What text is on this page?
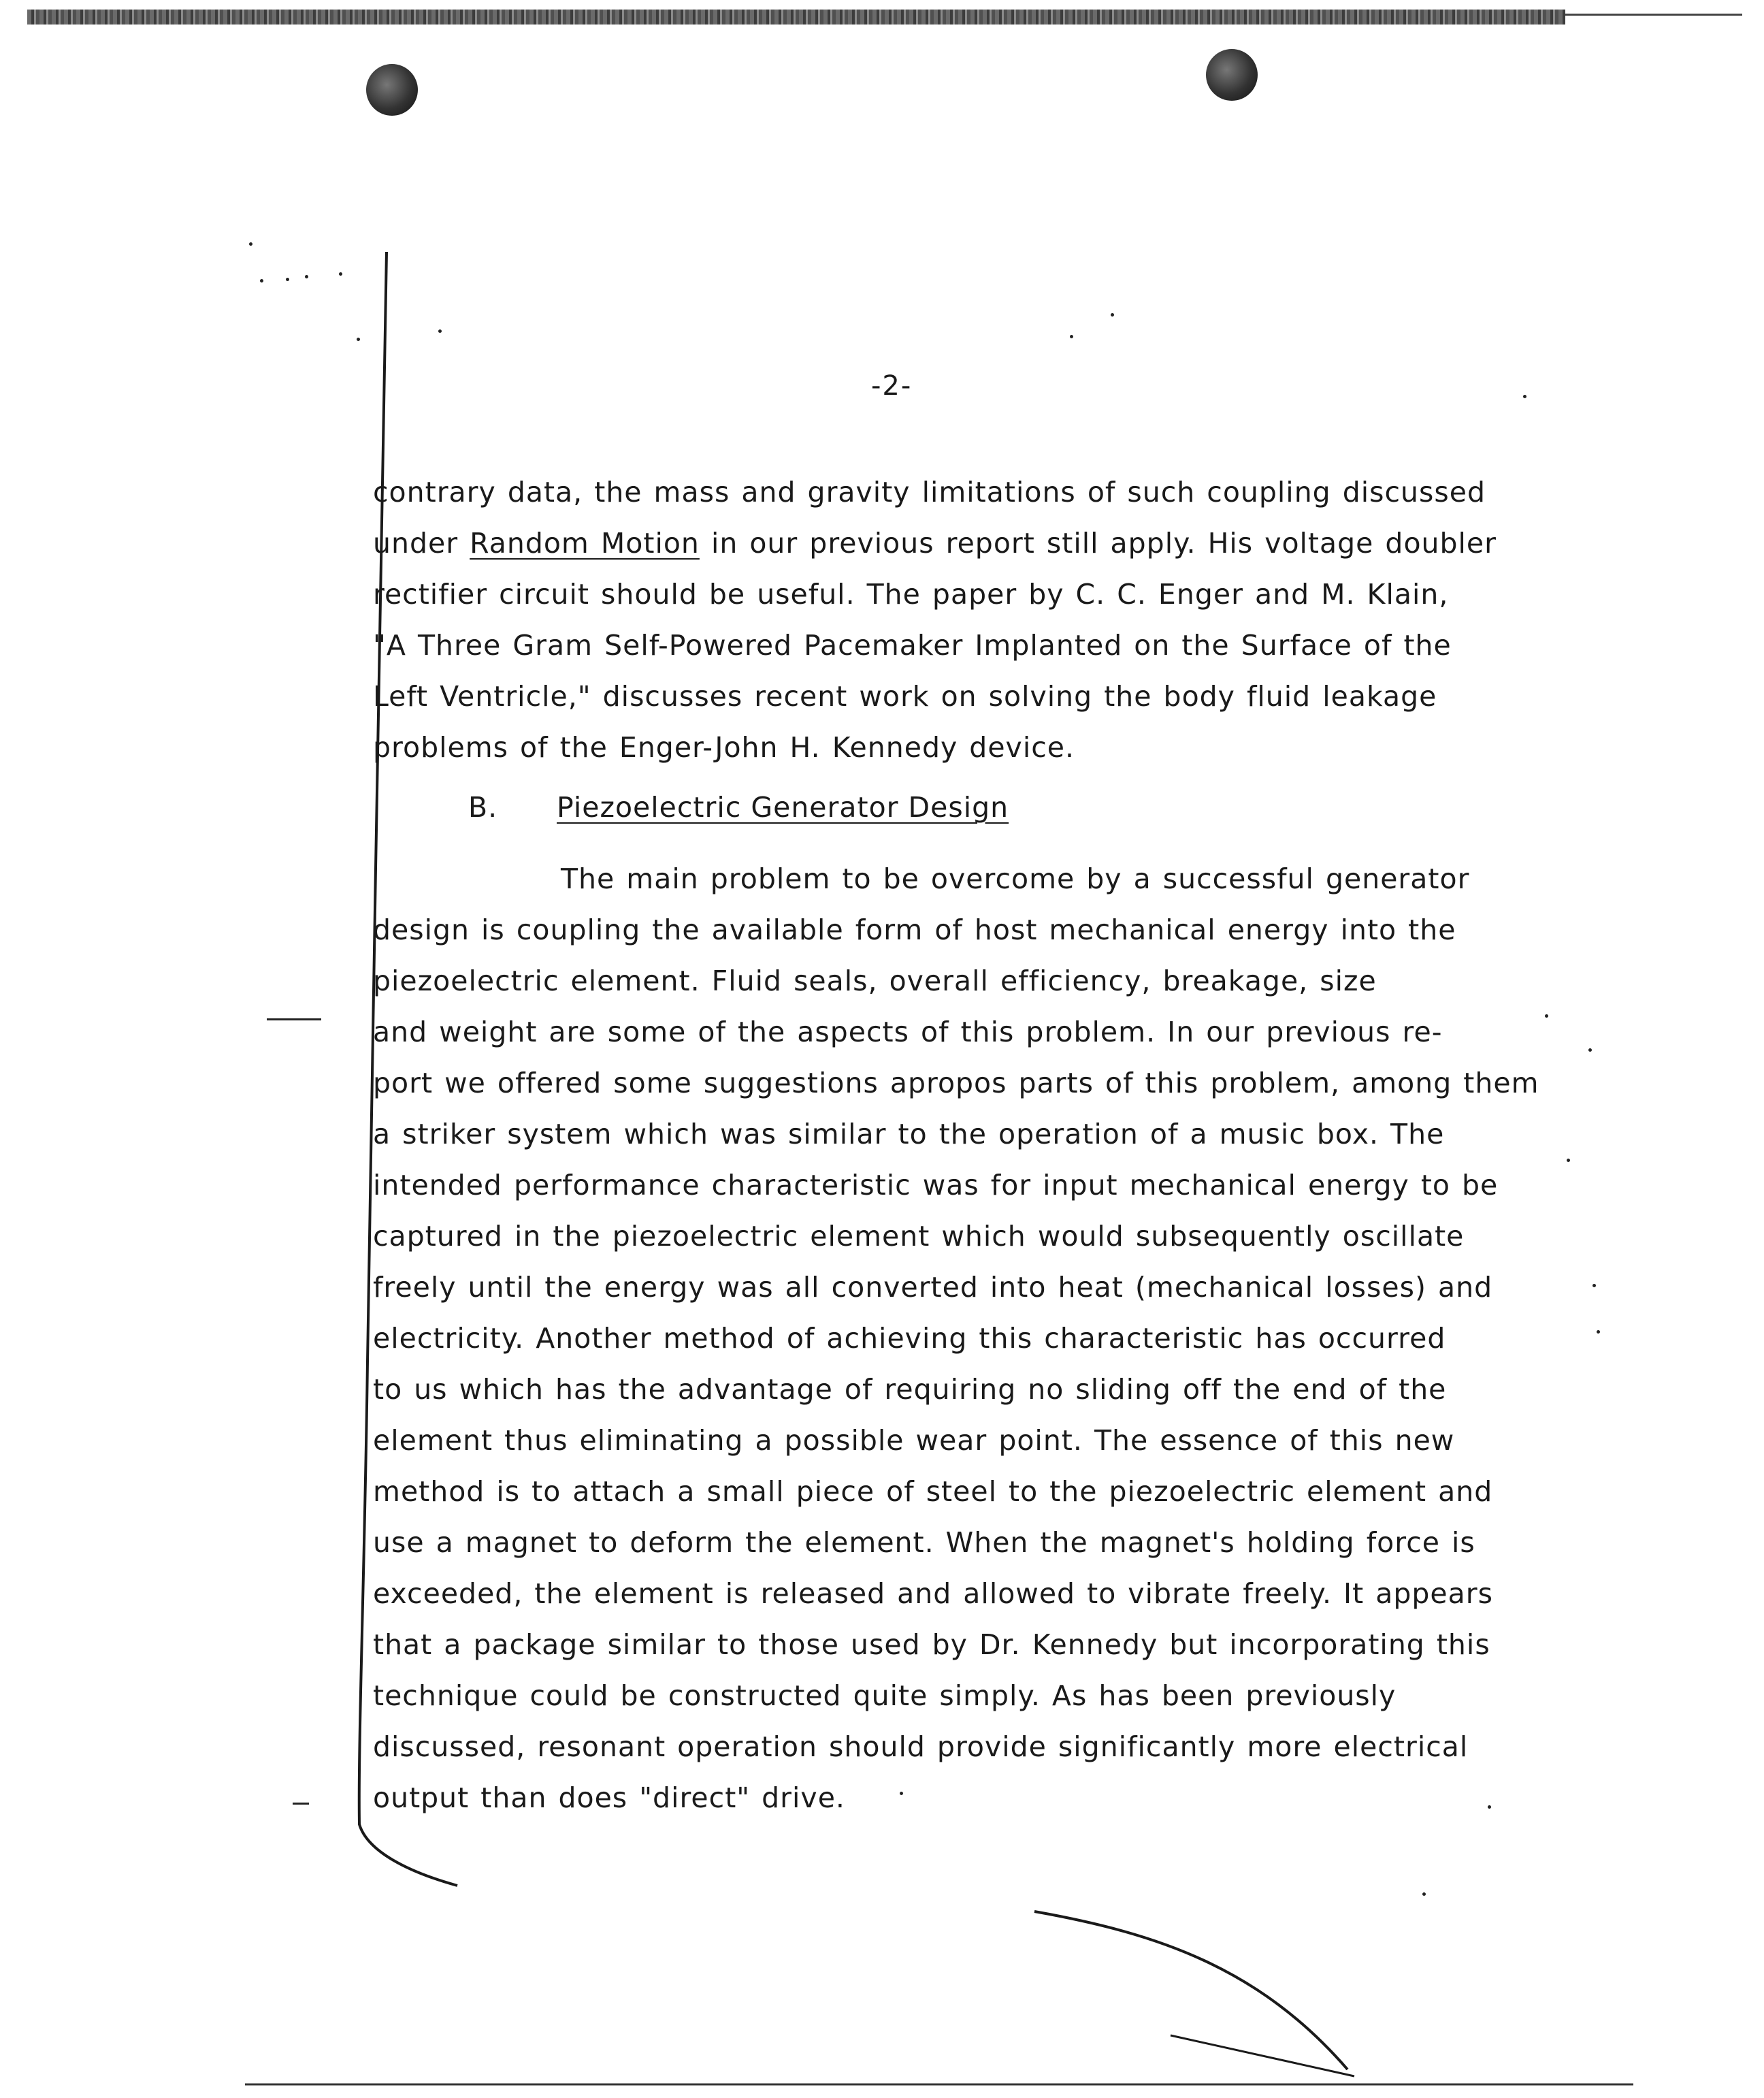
-2-
contrary data, the mass and gravity limitations of such coupling discussed
under Random Motion in our previous report still apply. His voltage doubler
rectifier circuit should be useful. The paper by C. C. Enger and M. Klain,
"A Three Gram Self-Powered Pacemaker Implanted on the Surface of the
Left Ventricle," discusses recent work on solving the body fluid leakage
problems of the Enger-John H. Kennedy device.
B. Piezoelectric Generator Design
The main problem to be overcome by a successful generator
design is coupling the available form of host mechanical energy into the
piezoelectric element. Fluid seals, overall efficiency, breakage, size
and weight are some of the aspects of this problem. In our previous re-
port we offered some suggestions apropos parts of this problem, among them
a striker system which was similar to the operation of a music box. The
intended performance characteristic was for input mechanical energy to be
captured in the piezoelectric element which would subsequently oscillate
freely until the energy was all converted into heat (mechanical losses) and
electricity. Another method of achieving this characteristic has occurred
to us which has the advantage of requiring no sliding off the end of the
element thus eliminating a possible wear point. The essence of this new
method is to attach a small piece of steel to the piezoelectric element and
use a magnet to deform the element. When the magnet's holding force is
exceeded, the element is released and allowed to vibrate freely. It appears
that a package similar to those used by Dr. Kennedy but incorporating this
technique could be constructed quite simply. As has been previously
discussed, resonant operation should provide significantly more electrical
output than does "direct" drive.
